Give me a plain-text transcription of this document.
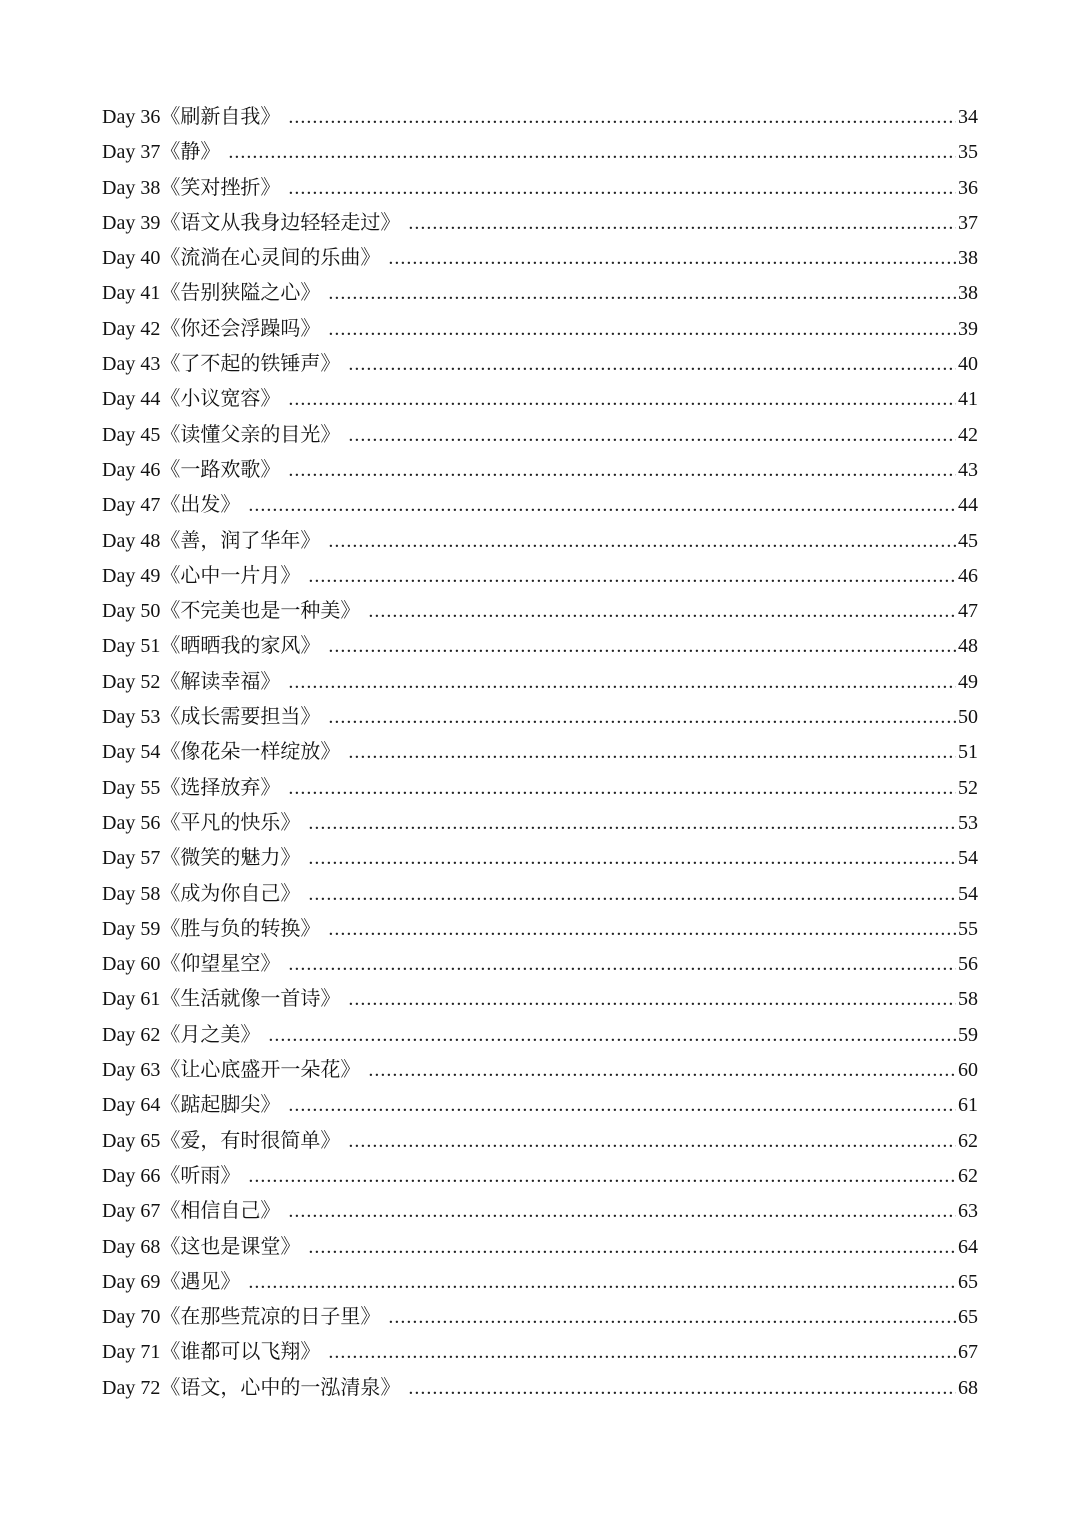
Day 36《刷新自我》 .....	34
Day 37《静》 .....	35
Day 38《笑对挫折》 .....	36
Day 39《语文从我身边轻轻走过》 .....	37
Day 40《流淌在心灵间的乐曲》 .....	38
Day 41《告别狭隘之心》 .....	38
Day 42《你还会浮躁吗》 .....	39
Day 43《了不起的铁锤声》 .....	40
Day 44《小议宽容》 .....	41
Day 45《读懂父亲的目光》 .....	42
Day 46《一路欢歌》 .....	43
Day 47《出发》 .....	44
Day 48《善，润了华年》 .....	45
Day 49《心中一片月》 .....	46
Day 50《不完美也是一种美》 .....	47
Day 51《晒晒我的家风》 .....	48
Day 52《解读幸福》 .....	49
Day 53《成长需要担当》 .....	50
Day 54《像花朵一样绽放》 .....	51
Day 55《选择放弃》 .....	52
Day 56《平凡的快乐》 .....	53
Day 57《微笑的魅力》 .....	54
Day 58《成为你自己》 .....	54
Day 59《胜与负的转换》 .....	55
Day 60《仰望星空》 .....	56
Day 61《生活就像一首诗》 .....	58
Day 62《月之美》 .....	59
Day 63《让心底盛开一朵花》 .....	60
Day 64《踮起脚尖》 .....	61
Day 65《爱，有时很简单》 .....	62
Day 66《听雨》 .....	62
Day 67《相信自己》 .....	63
Day 68《这也是课堂》 .....	64
Day 69《遇见》 .....	65
Day 70《在那些荒凉的日子里》 .....	65
Day 71《谁都可以飞翔》 .....	67
Day 72《语文，心中的一泓清泉》 .....	68
